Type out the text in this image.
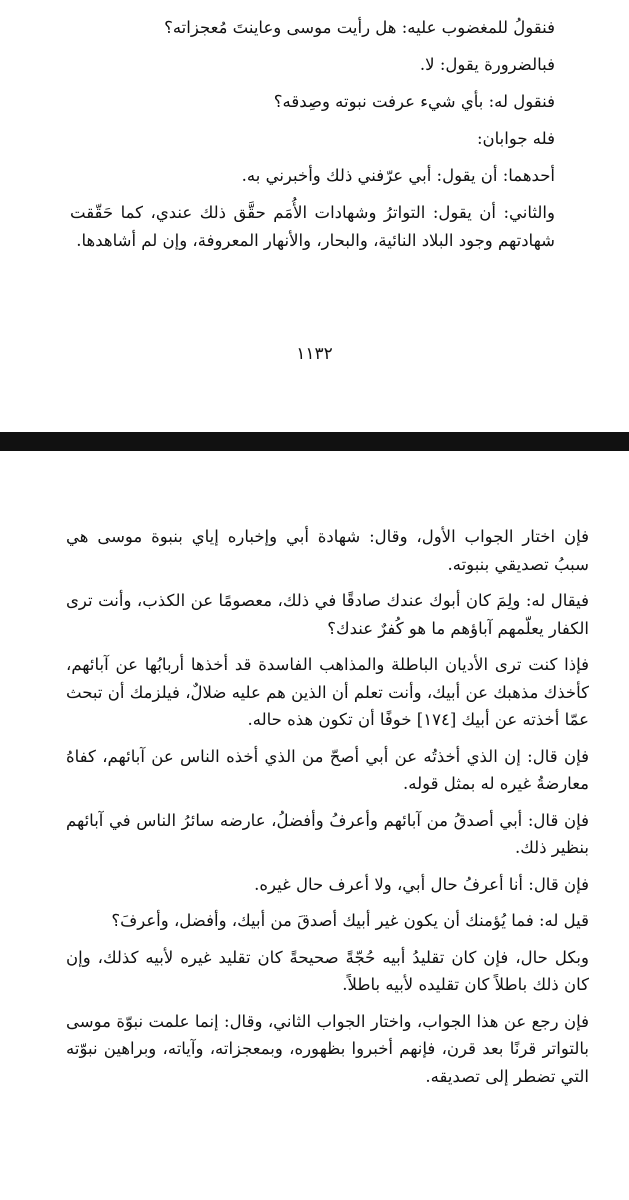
فنقولُ للمغضوب عليه: هل رأيت موسى وعاينتَ مُعجزاته؟

فبالضرورة يقول: لا.

فنقول له: بأي شيء عرفت نبوته وصِدقه؟

فله جوابان:

أحدهما: أن يقول: أبي عرّفني ذلك وأخبرني به.

والثاني: أن يقول: التواترُ وشهادات الأُمَم حقَّق ذلك عندي، كما حَقّقت شهادتهم وجود البلاد النائية، والبحار، والأنهار المعروفة، وإن لم أشاهدها.

١١٣٢

فإن اختار الجواب الأول، وقال: شهادة أبي وإخباره إياي بنبوة موسى هي سببُ تصديقي بنبوته.

فيقال له: ولِمَ كان أبوك عندك صادقًا في ذلك، معصومًا عن الكذب، وأنت ترى الكفار يعلّمهم آباؤهم ما هو كُفرٌ عندك؟

فإذا كنت ترى الأديان الباطلة والمذاهب الفاسدة قد أخذها أربابُها عن آبائهم، كأخذك مذهبك عن أبيك، وأنت تعلم أن الذين هم عليه ضلالٌ، فيلزمك أن تبحث عمّا أخذته عن أبيك [١٧٤] خوفًا أن تكون هذه حاله.

فإن قال: إن الذي أخذتُه عن أبي أصحّ من الذي أخذه الناس عن آبائهم، كفاهُ معارضةُ غيره له بمثل قوله.

فإن قال: أبي أصدقُ من آبائهم وأعرفُ وأفضلُ، عارضه سائرُ الناس في آبائهم بنظير ذلك.

فإن قال: أنا أعرفُ حال أبي، ولا أعرف حال غيره.

قيل له: فما يُؤمنك أن يكون غير أبيك أصدقَ من أبيك، وأفضل، وأعرفَ؟

وبكل حال، فإن كان تقليدُ أبيه حُجّةً صحيحةً كان تقليد غيره لأبيه كذلك، وإن كان ذلك باطلاً كان تقليده لأبيه باطلاً.

فإن رجع عن هذا الجواب، واختار الجواب الثاني، وقال: إنما علمت نبوّة موسى بالتواتر قرنًا بعد قرن، فإنهم أخبروا بظهوره، وبمعجزاته، وآياته، وبراهين نبوّته التي تضطر إلى تصديقه.
